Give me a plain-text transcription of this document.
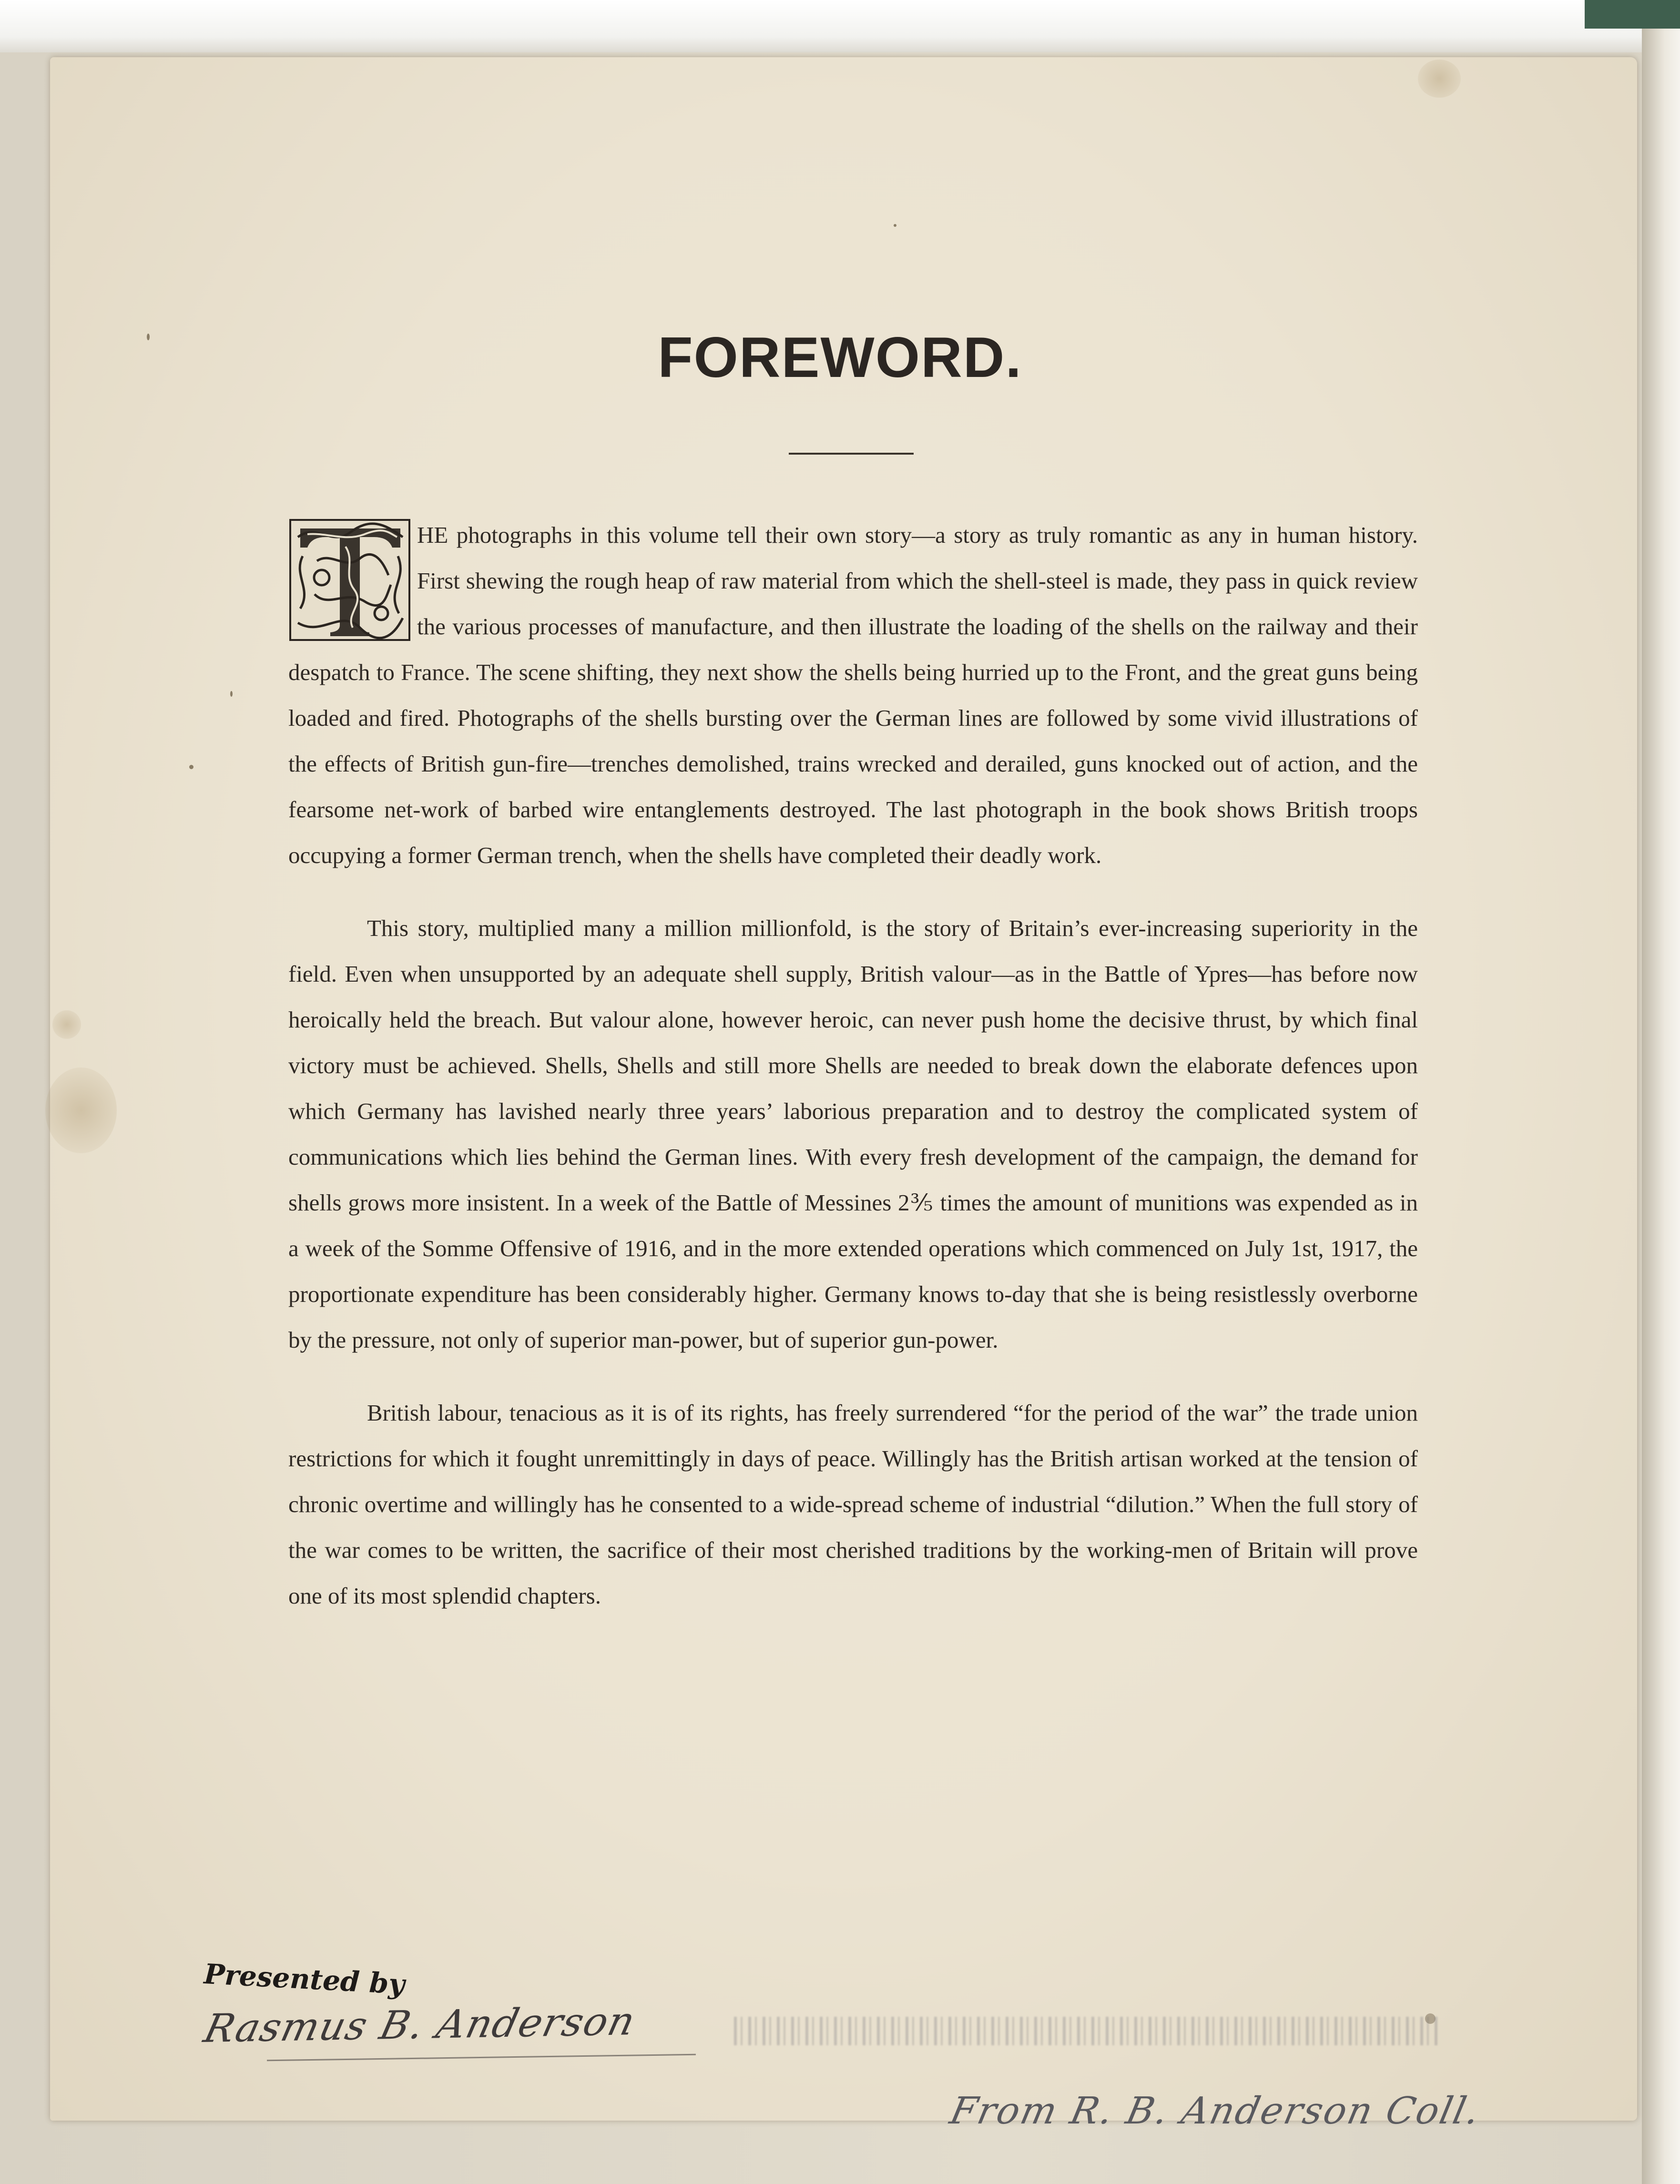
FOREWORD.

HE photographs in this volume tell their own story—a story as truly romantic as any in human history. First shewing the rough heap of raw material from which the shell-steel is made, they pass in quick review the various processes of manufacture, and then illustrate the loading of the shells on the railway and their despatch to France. The scene shifting, they next show the shells being hurried up to the Front, and the great guns being loaded and fired. Photographs of the shells bursting over the German lines are followed by some vivid illustrations of the effects of British gun-fire—trenches demolished, trains wrecked and derailed, guns knocked out of action, and the fearsome net-work of barbed wire entanglements destroyed. The last photograph in the book shows British troops occupying a former German trench, when the shells have completed their deadly work.

This story, multiplied many a million millionfold, is the story of Britain’s ever-increasing superiority in the field. Even when unsupported by an adequate shell supply, British valour—as in the Battle of Ypres—has before now heroically held the breach. But valour alone, however heroic, can never push home the decisive thrust, by which final victory must be achieved. Shells, Shells and still more Shells are needed to break down the elaborate defences upon which Germany has lavished nearly three years’ laborious preparation and to destroy the complicated system of communications which lies behind the German lines. With every fresh development of the campaign, the demand for shells grows more insistent. In a week of the Battle of Messines 2⅗ times the amount of munitions was expended as in a week of the Somme Offensive of 1916, and in the more extended operations which commenced on July 1st, 1917, the proportionate expenditure has been considerably higher. Germany knows to-day that she is being resistlessly overborne by the pressure, not only of superior man-power, but of superior gun-power.

British labour, tenacious as it is of its rights, has freely surrendered “for the period of the war” the trade union restrictions for which it fought unremittingly in days of peace. Willingly has the British artisan worked at the tension of chronic overtime and willingly has he consented to a wide-spread scheme of industrial “dilution.” When the full story of the war comes to be written, the sacrifice of their most cherished traditions by the working-men of Britain will prove one of its most splendid chapters.

Presented by
Rasmus B. Anderson
From R. B. Anderson Coll.
